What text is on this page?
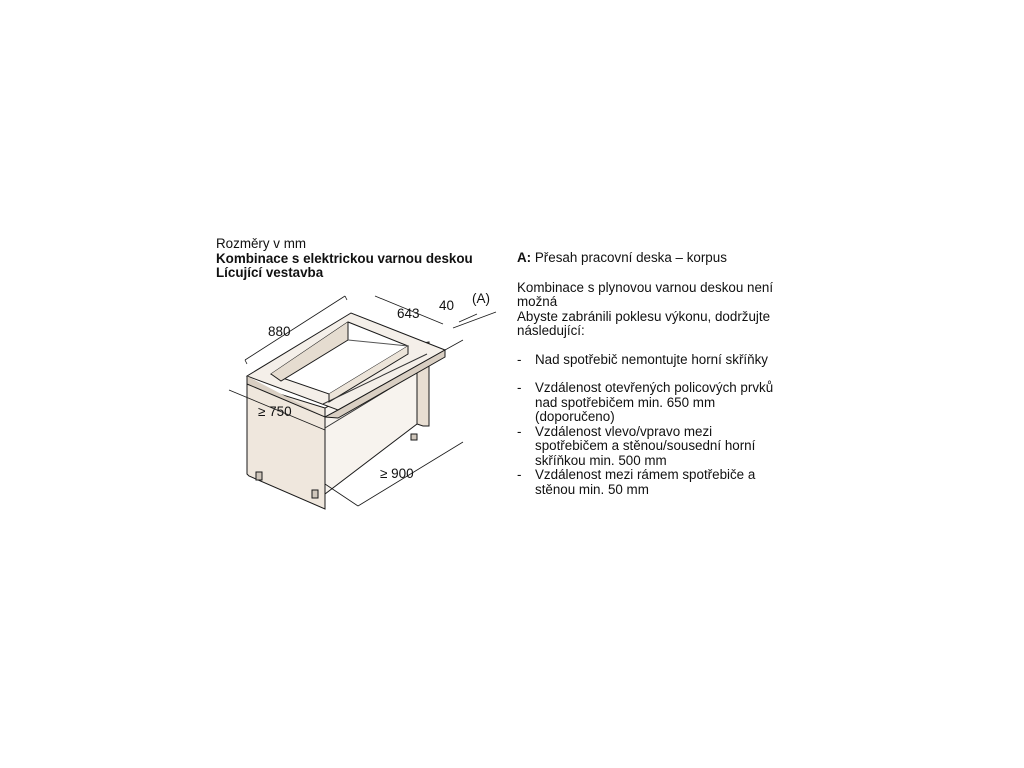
Rozměry v mm
Kombinace s elektrickou varnou deskou
Lícující vestavba
880
643
40 (A)
≥ 750
≥ 900

A: Přesah pracovní deska – korpus

Kombinace s plynovou varnou deskou není

možná

Abyste zabránili poklesu výkonu, dodržujte

následující:

- Nad spotřebič nemontujte horní skříňky

- Vzdálenost otevřených policových prvků

nad spotřebičem min. 650 mm

(doporučeno)

- Vzdálenost vlevo/vpravo mezi

spotřebičem a stěnou/sousední horní

skříňkou min. 500 mm

- Vzdálenost mezi rámem spotřebiče a

stěnou min. 50 mm
